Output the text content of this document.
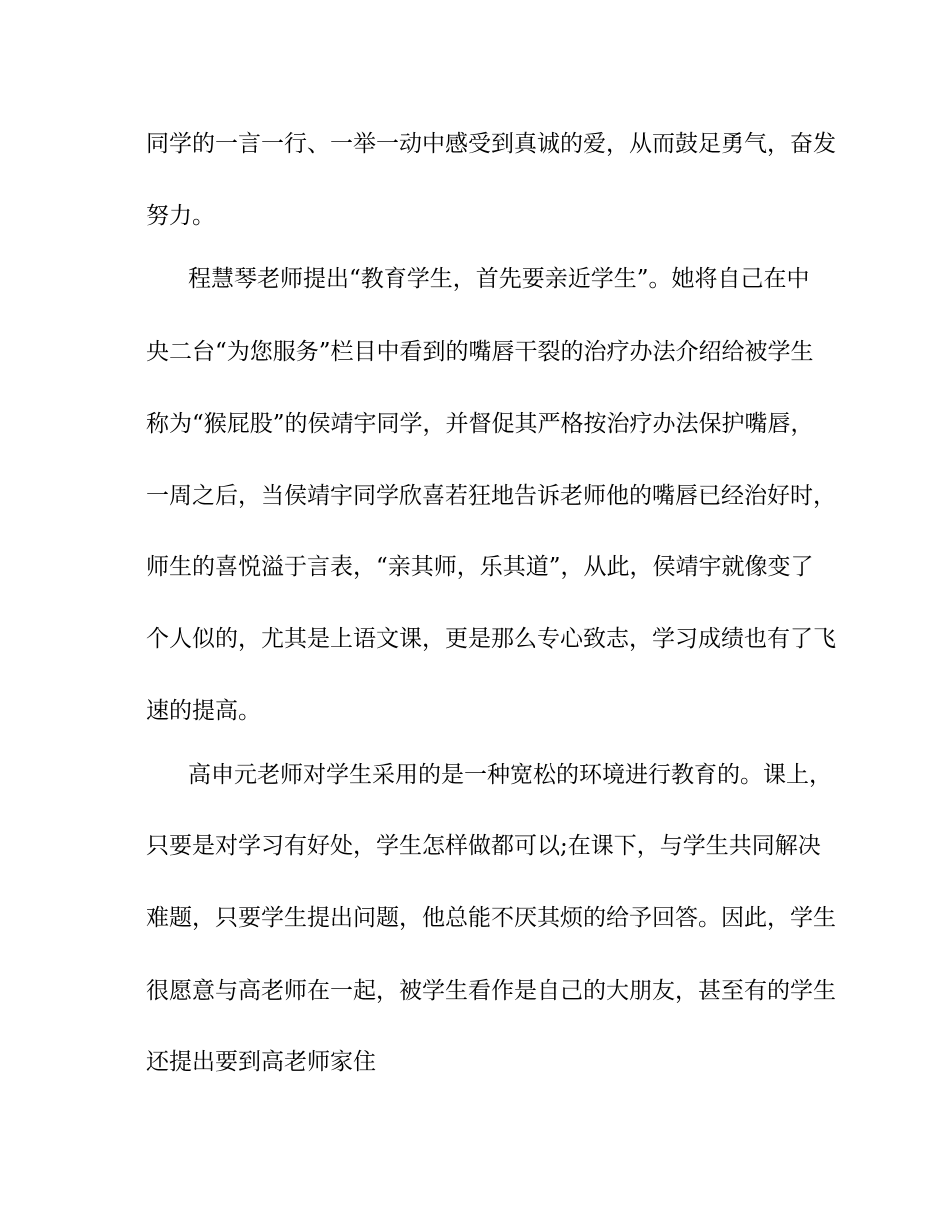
同学的一言一行、一举一动中感受到真诚的爱，从而鼓足勇气，奋发
努力。
程慧琴老师提出“教育学生，首先要亲近学生”。她将自己在中
央二台“为您服务”栏目中看到的嘴唇干裂的治疗办法介绍给被学生
称为“猴屁股”的侯靖宇同学，并督促其严格按治疗办法保护嘴唇，
一周之后，当侯靖宇同学欣喜若狂地告诉老师他的嘴唇已经治好时，
师生的喜悦溢于言表，“亲其师，乐其道”，从此，侯靖宇就像变了
个人似的，尤其是上语文课，更是那么专心致志，学习成绩也有了飞
速的提高。
高申元老师对学生采用的是一种宽松的环境进行教育的。课上，
只要是对学习有好处，学生怎样做都可以;在课下，与学生共同解决
难题，只要学生提出问题，他总能不厌其烦的给予回答。因此，学生
很愿意与高老师在一起，被学生看作是自己的大朋友，甚至有的学生
还提出要到高老师家住
